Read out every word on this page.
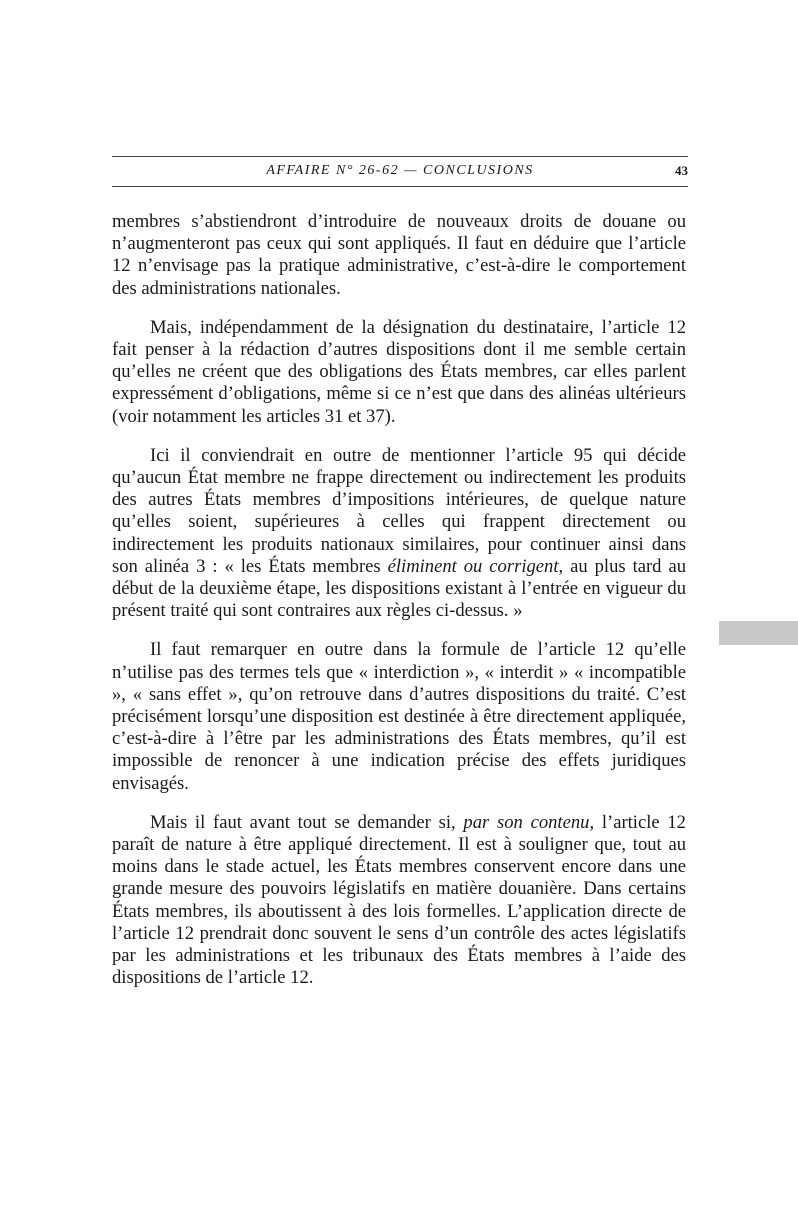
AFFAIRE N° 26-62 — CONCLUSIONS	43

membres s’abstiendront d’introduire de nouveaux droits de douane ou n’augmenteront pas ceux qui sont appliqués. Il faut en déduire que l’article 12 n’envisage pas la pratique administrative, c’est-à-dire le comportement des administrations nationales.

Mais, indépendamment de la désignation du destinataire, l’article 12 fait penser à la rédaction d’autres dispositions dont il me semble certain qu’elles ne créent que des obligations des États membres, car elles parlent expressément d’obligations, même si ce n’est que dans des alinéas ultérieurs (voir notamment les articles 31 et 37).

Ici il conviendrait en outre de mentionner l’article 95 qui décide qu’aucun État membre ne frappe directement ou indirectement les produits des autres États membres d’impositions intérieures, de quelque nature qu’elles soient, supérieures à celles qui frappent directement ou indirectement les produits nationaux similaires, pour continuer ainsi dans son alinéa 3 : « les États membres éliminent ou corrigent, au plus tard au début de la deuxième étape, les dispositions existant à l’entrée en vigueur du présent traité qui sont contraires aux règles ci-dessus. »

Il faut remarquer en outre dans la formule de l’article 12 qu’elle n’utilise pas des termes tels que « interdiction », « interdit » « incompatible », « sans effet », qu’on retrouve dans d’autres dispositions du traité. C’est précisément lorsqu’une disposition est destinée à être directement appliquée, c’est-à-dire à l’être par les administrations des États membres, qu’il est impossible de renoncer à une indication précise des effets juridiques envisagés.

Mais il faut avant tout se demander si, par son contenu, l’article 12 paraît de nature à être appliqué directement. Il est à souligner que, tout au moins dans le stade actuel, les États membres conservent encore dans une grande mesure des pouvoirs législatifs en matière douanière. Dans certains États membres, ils aboutissent à des lois formelles. L’application directe de l’article 12 prendrait donc souvent le sens d’un contrôle des actes législatifs par les administrations et les tribunaux des États membres à l’aide des dispositions de l’article 12.
